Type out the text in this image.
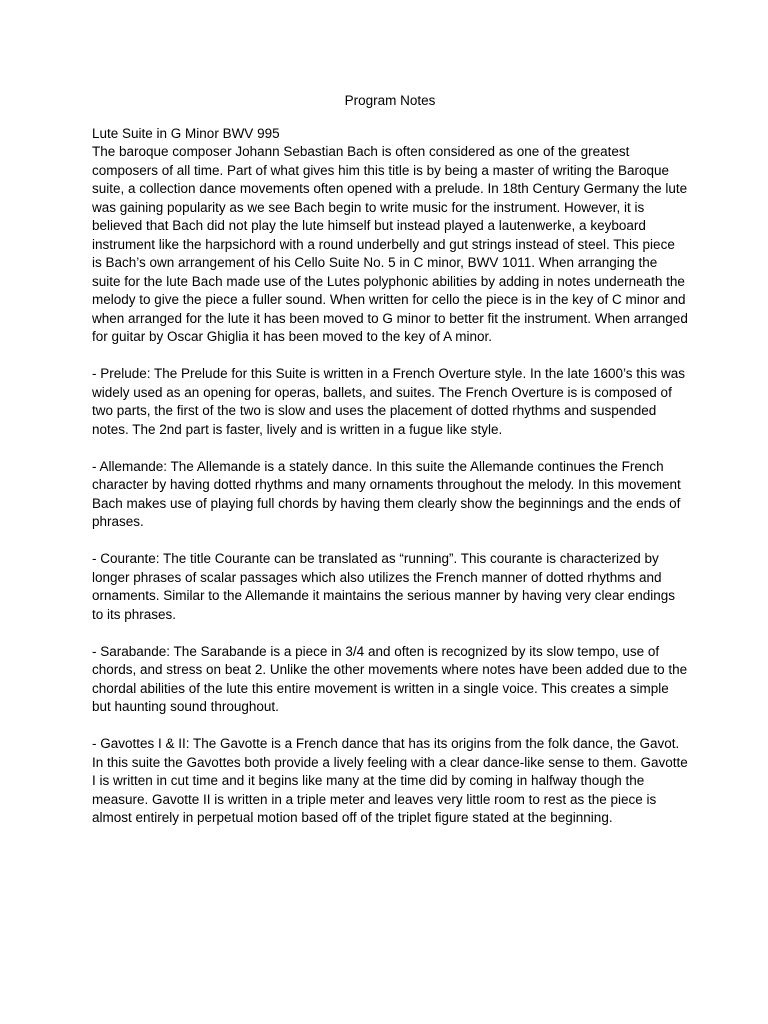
Program Notes

Lute Suite in G Minor BWV 995

The baroque composer Johann Sebastian Bach is often considered as one of the greatest composers of all time. Part of what gives him this title is by being a master of writing the Baroque suite, a collection dance movements often opened with a prelude. In 18th Century Germany the lute was gaining popularity as we see Bach begin to write music for the instrument. However, it is believed that Bach did not play the lute himself but instead played a lautenwerke, a keyboard instrument like the harpsichord with a round underbelly and gut strings instead of steel. This piece is Bach’s own arrangement of his Cello Suite No. 5 in C minor, BWV 1011. When arranging the suite for the lute Bach made use of the Lutes polyphonic abilities by adding in notes underneath the melody to give the piece a fuller sound. When written for cello the piece is in the key of C minor and when arranged for the lute it has been moved to G minor to better fit the instrument. When arranged for guitar by Oscar Ghiglia it has been moved to the key of A minor.

- Prelude: The Prelude for this Suite is written in a French Overture style. In the late 1600’s this was widely used as an opening for operas, ballets, and suites. The French Overture is is composed of two parts, the first of the two is slow and uses the placement of dotted rhythms and suspended notes. The 2nd part is faster, lively and is written in a fugue like style.

- Allemande: The Allemande is a stately dance. In this suite the Allemande continues the French character by having dotted rhythms and many ornaments throughout the melody. In this movement Bach makes use of playing full chords by having them clearly show the beginnings and the ends of phrases.

- Courante: The title Courante can be translated as “running”. This courante is characterized by longer phrases of scalar passages which also utilizes the French manner of dotted rhythms and ornaments. Similar to the Allemande it maintains the serious manner by having very clear endings to its phrases.

- Sarabande: The Sarabande is a piece in 3/4 and often is recognized by its slow tempo, use of chords, and stress on beat 2. Unlike the other movements where notes have been added due to the chordal abilities of the lute this entire movement is written in a single voice. This creates a simple but haunting sound throughout.

- Gavottes I & II: The Gavotte is a French dance that has its origins from the folk dance, the Gavot. In this suite the Gavottes both provide a lively feeling with a clear dance-like sense to them. Gavotte I is written in cut time and it begins like many at the time did by coming in halfway though the measure. Gavotte II is written in a triple meter and leaves very little room to rest as the piece is almost entirely in perpetual motion based off of the triplet figure stated at the beginning.
